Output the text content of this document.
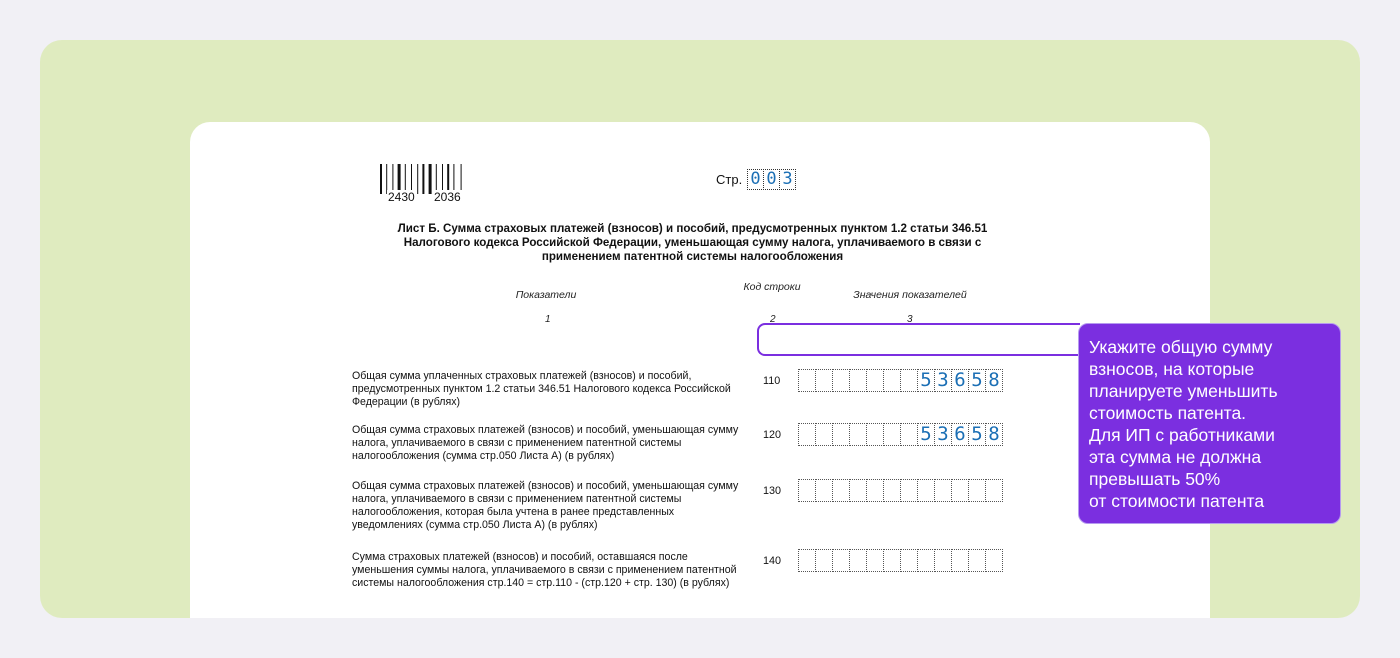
2430 2036
Стр. 0 0 3
Лист Б. Сумма страховых платежей (взносов) и пособий, предусмотренных пунктом 1.2 статьи 346.51 Налогового кодекса Российской Федерации, уменьшающая сумму налога, уплачиваемого в связи с применением патентной системы налогообложения
Показатели
Код строки
Значения показателей
1	2	3
Общая сумма уплаченных страховых платежей (взносов) и пособий, предусмотренных пунктом 1.2 статьи 346.51 Налогового кодекса Российской Федерации (в рублях)
110	5 3 6 5 8
Общая сумма страховых платежей (взносов) и пособий, уменьшающая сумму налога, уплачиваемого в связи с применением патентной системы налогообложения (сумма стр.050 Листа А) (в рублях)
120	5 3 6 5 8
Общая сумма страховых платежей (взносов) и пособий, уменьшающая сумму налога, уплачиваемого в связи с применением патентной системы налогообложения, которая была учтена в ранее представленных уведомлениях (сумма стр.050 Листа А) (в рублях)
130
Сумма страховых платежей (взносов) и пособий, оставшаяся после уменьшения суммы налога, уплачиваемого в связи с применением патентной системы налогообложения стр.140 = стр.110 - (стр.120 + стр. 130) (в рублях)
140
Укажите общую сумму
взносов, на которые
планируете уменьшить
стоимость патента.
Для ИП с работниками
эта сумма не должна
превышать 50%
от стоимости патента
